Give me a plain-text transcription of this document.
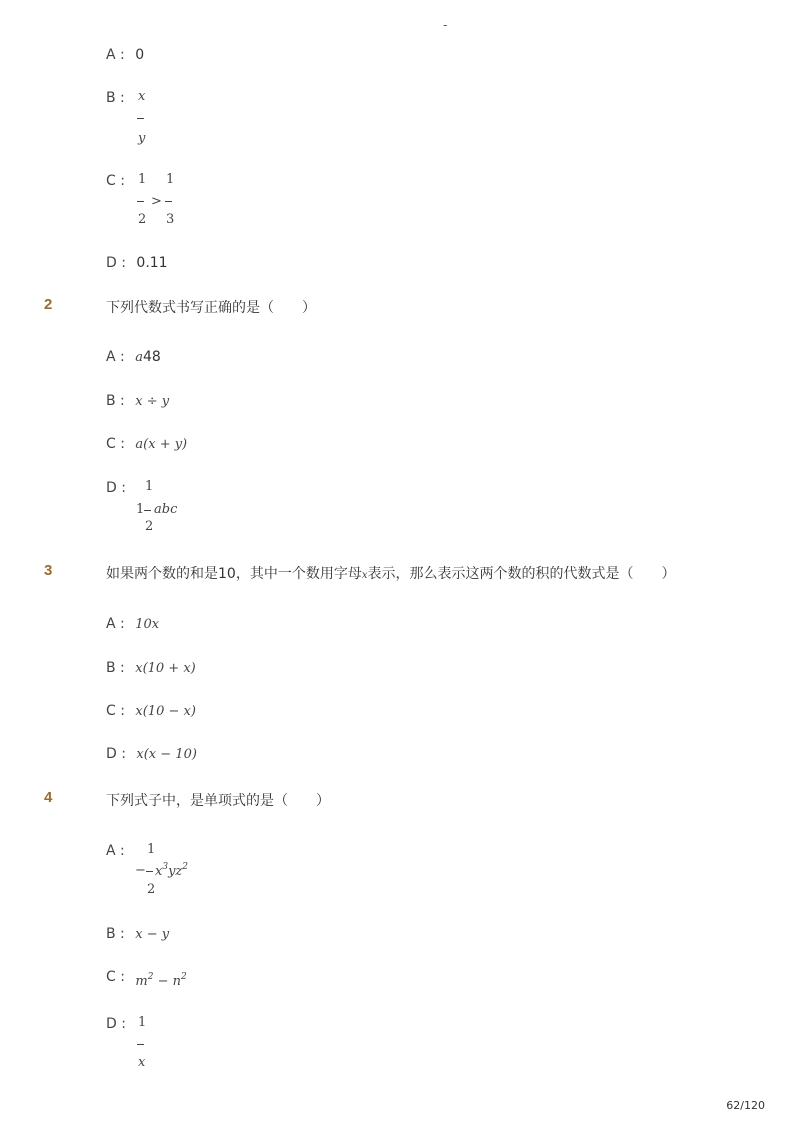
-
A : 0
B : x
y
C : 1
2
>
1
3
D : 0.11
2	下列代数式书写正确的是（　　）
A : a48
B : x ÷ y
C : a(x + y)
D : 1
1 abc
2
3	如果两个数的和是10，其中一个数用字母x表示，那么表示这两个数的积的代数式是（　　）
A : 10x
B : x(10 + x)
C : x(10 − x)
D : x(x − 10)
4	下列式子中，是单项式的是（　　）
A : 1
− $x^3yz^2$
2
B : x − y
C : $m^2 - n^2$
D : 1
x
62/120
